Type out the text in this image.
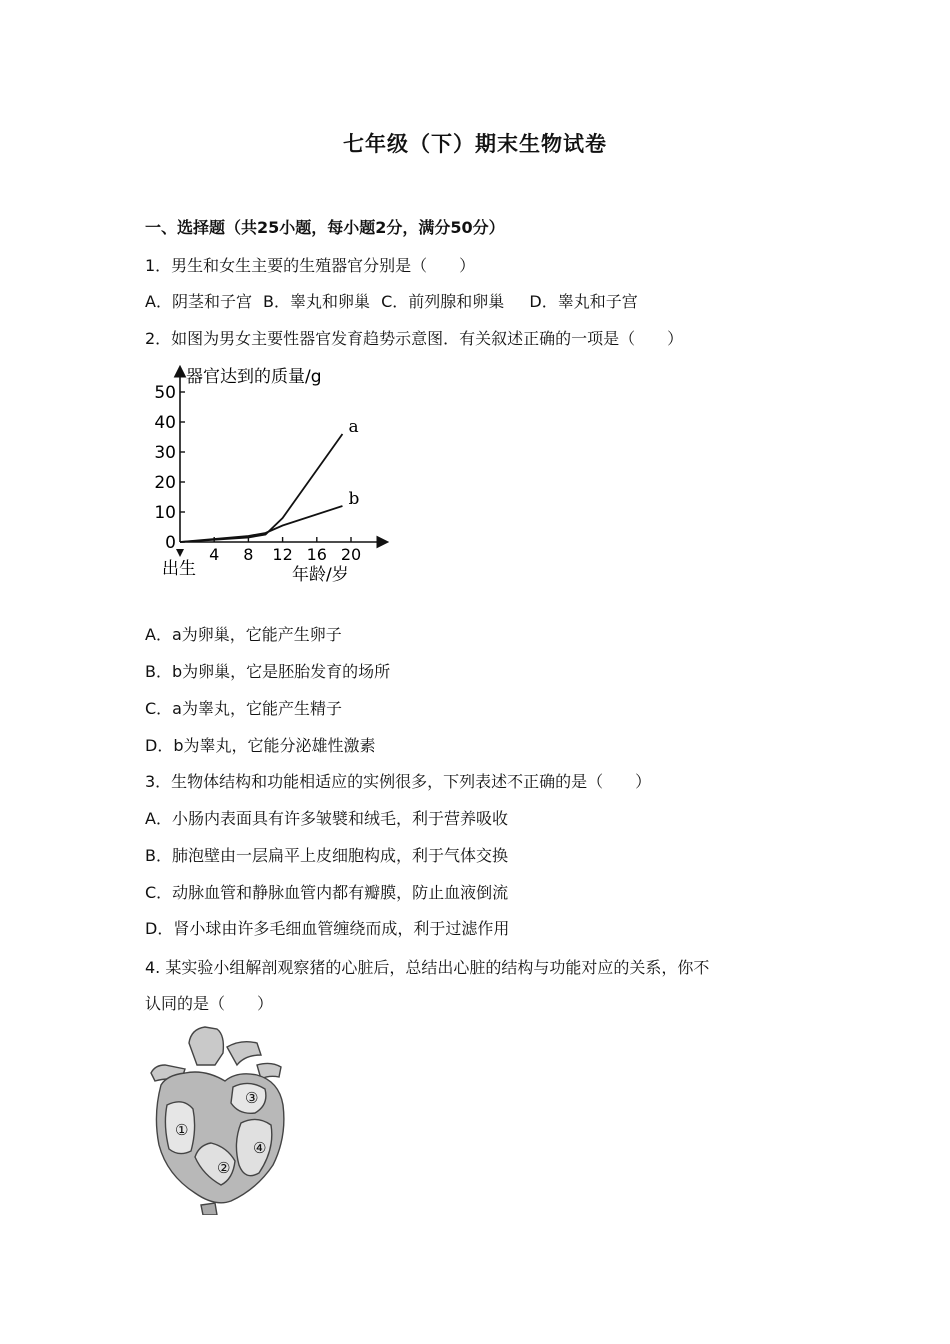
七年级（下）期末生物试卷
一、选择题（共25小题，每小题2分，满分50分）
1．男生和女生主要的生殖器官分别是（　　）
A．阴茎和子宫 B．睾丸和卵巢 C．前列腺和卵巢 D．睾丸和子宫
2．如图为男女主要性器官发育趋势示意图．有关叙述正确的一项是（　　）
器官达到的质量/g
年龄/岁
出生
0
10
20
30
40
50
4 8 12 16 20
a
b
A．a为卵巢，它能产生卵子
B．b为卵巢，它是胚胎发育的场所
C．a为睾丸，它能产生精子
D．b为睾丸，它能分泌雄性激素
3．生物体结构和功能相适应的实例很多，下列表述不正确的是（　　）
A．小肠内表面具有许多皱襞和绒毛，利于营养吸收
B．肺泡壁由一层扁平上皮细胞构成，利于气体交换
C．动脉血管和静脉血管内都有瓣膜，防止血液倒流
D．肾小球由许多毛细血管缠绕而成，利于过滤作用
4. 某实验小组解剖观察猪的心脏后，总结出心脏的结构与功能对应的关系，你不
认同的是（　　）
①
②
③
④
